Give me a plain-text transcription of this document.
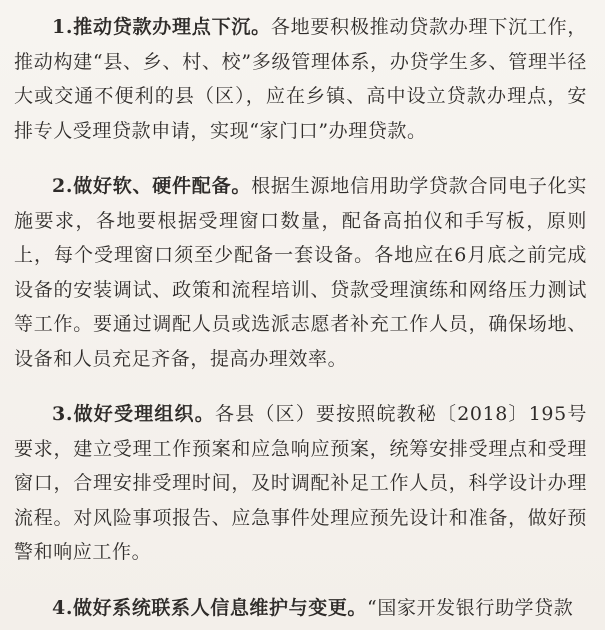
1.推动贷款办理点下沉。各地要积极推动贷款办理下沉工作，推动构建“县、乡、村、校”多级管理体系，办贷学生多、管理半径大或交通不便利的县（区），应在乡镇、高中设立贷款办理点，安排专人受理贷款申请，实现“家门口”办理贷款。

2.做好软、硬件配备。根据生源地信用助学贷款合同电子化实施要求，各地要根据受理窗口数量，配备高拍仪和手写板，原则上，每个受理窗口须至少配备一套设备。各地应在6月底之前完成设备的安装调试、政策和流程培训、贷款受理演练和网络压力测试等工作。要通过调配人员或选派志愿者补充工作人员，确保场地、设备和人员充足齐备，提高办理效率。

3.做好受理组织。各县（区）要按照皖教秘〔2018〕195号要求，建立受理工作预案和应急响应预案，统筹安排受理点和受理窗口，合理安排受理时间，及时调配补足工作人员，科学设计办理流程。对风险事项报告、应急事件处理应预先设计和准备，做好预警和响应工作。

4.做好系统联系人信息维护与变更。“国家开发银行助学贷款
